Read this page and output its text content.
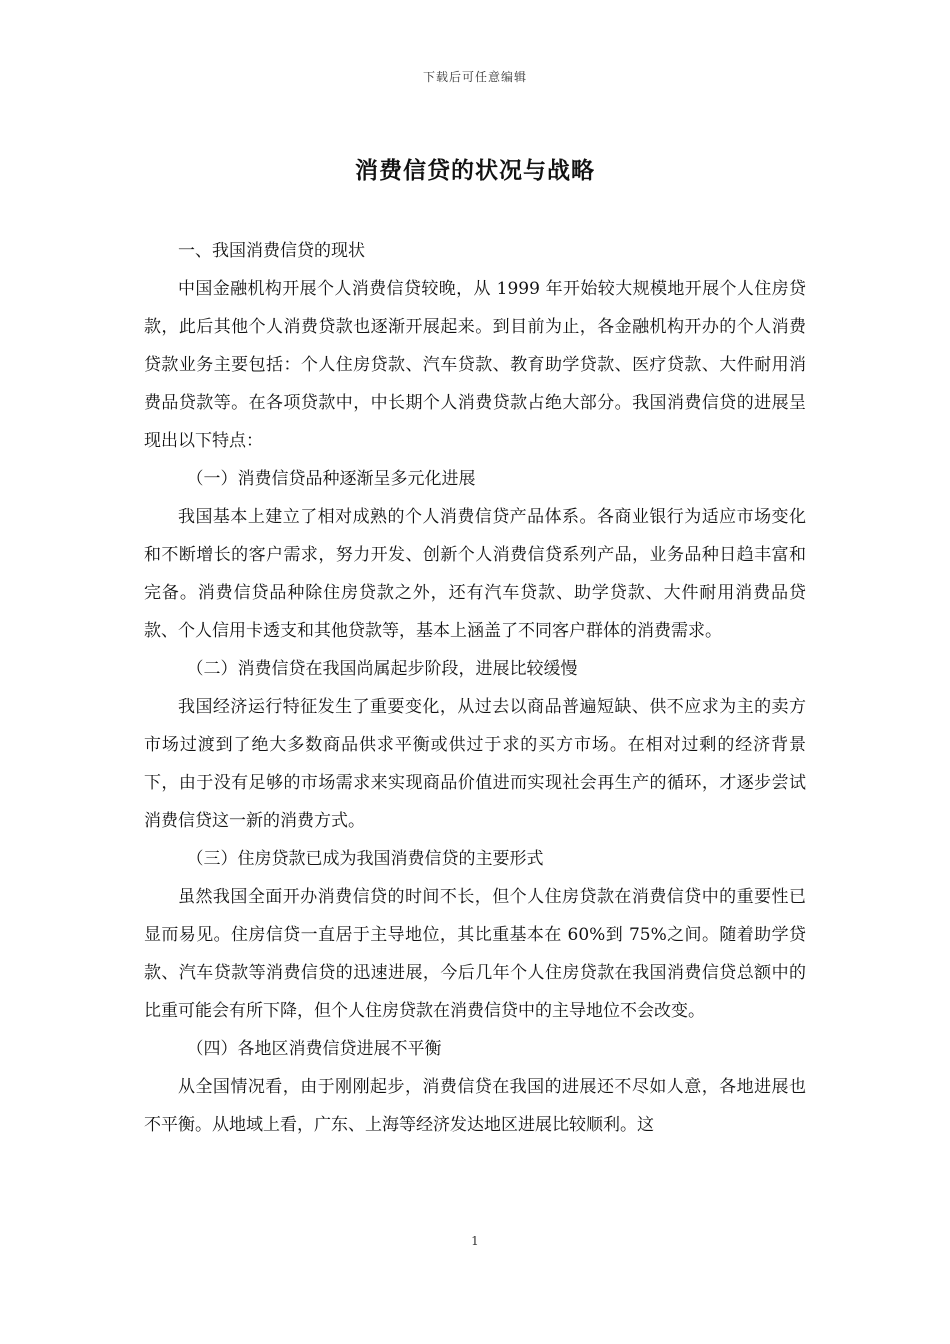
下载后可任意编辑
消费信贷的状况与战略

一、我国消费信贷的现状

中国金融机构开展个人消费信贷较晚，从 1999 年开始较大规模地开展个人住房贷款，此后其他个人消费贷款也逐渐开展起来。到目前为止，各金融机构开办的个人消费贷款业务主要包括：个人住房贷款、汽车贷款、教育助学贷款、医疗贷款、大件耐用消费品贷款等。在各项贷款中，中长期个人消费贷款占绝大部分。我国消费信贷的进展呈现出以下特点：

（一）消费信贷品种逐渐呈多元化进展

我国基本上建立了相对成熟的个人消费信贷产品体系。各商业银行为适应市场变化和不断增长的客户需求，努力开发、创新个人消费信贷系列产品，业务品种日趋丰富和完备。消费信贷品种除住房贷款之外，还有汽车贷款、助学贷款、大件耐用消费品贷款、个人信用卡透支和其他贷款等，基本上涵盖了不同客户群体的消费需求。

（二）消费信贷在我国尚属起步阶段，进展比较缓慢

我国经济运行特征发生了重要变化，从过去以商品普遍短缺、供不应求为主的卖方市场过渡到了绝大多数商品供求平衡或供过于求的买方市场。在相对过剩的经济背景下，由于没有足够的市场需求来实现商品价值进而实现社会再生产的循环，才逐步尝试消费信贷这一新的消费方式。

（三）住房贷款已成为我国消费信贷的主要形式

虽然我国全面开办消费信贷的时间不长，但个人住房贷款在消费信贷中的重要性已显而易见。住房信贷一直居于主导地位，其比重基本在 60%到 75%之间。随着助学贷款、汽车贷款等消费信贷的迅速进展，今后几年个人住房贷款在我国消费信贷总额中的比重可能会有所下降，但个人住房贷款在消费信贷中的主导地位不会改变。

（四）各地区消费信贷进展不平衡

从全国情况看，由于刚刚起步，消费信贷在我国的进展还不尽如人意，各地进展也不平衡。从地域上看，广东、上海等经济发达地区进展比较顺利。这

1
